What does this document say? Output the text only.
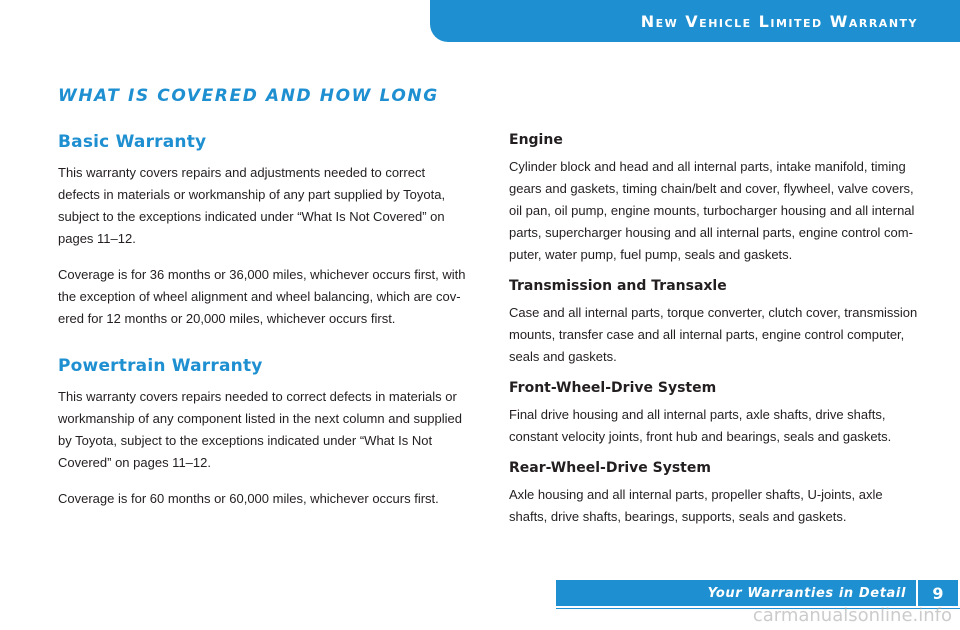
New Vehicle Limited Warranty
WHAT IS COVERED AND HOW LONG
Basic Warranty

This warranty covers repairs and adjustments needed to correct defects in materials or workmanship of any part supplied by Toyota, subject to the exceptions indicated under “What Is Not Covered” on pages 11–12.

Coverage is for 36 months or 36,000 miles, whichever occurs first, with the exception of wheel alignment and wheel balancing, which are cov-ered for 12 months or 20,000 miles, whichever occurs first.

Powertrain Warranty

This warranty covers repairs needed to correct defects in materials or workmanship of any component listed in the next column and supplied by Toyota, subject to the exceptions indicated under “What Is Not Covered” on pages 11–12.

Coverage is for 60 months or 60,000 miles, whichever occurs first.

Engine

Cylinder block and head and all internal parts, intake manifold, timing gears and gaskets, timing chain/belt and cover, flywheel, valve covers, oil pan, oil pump, engine mounts, turbocharger housing and all internal parts, supercharger housing and all internal parts, engine control com-puter, water pump, fuel pump, seals and gaskets.

Transmission and Transaxle

Case and all internal parts, torque converter, clutch cover, transmission mounts, transfer case and all internal parts, engine control computer, seals and gaskets.

Front-Wheel-Drive System

Final drive housing and all internal parts, axle shafts, drive shafts, constant velocity joints, front hub and bearings, seals and gaskets.

Rear-Wheel-Drive System

Axle housing and all internal parts, propeller shafts, U-joints, axle shafts, drive shafts, bearings, supports, seals and gaskets.

Your Warranties in Detail	9
carmanualsonline.info
